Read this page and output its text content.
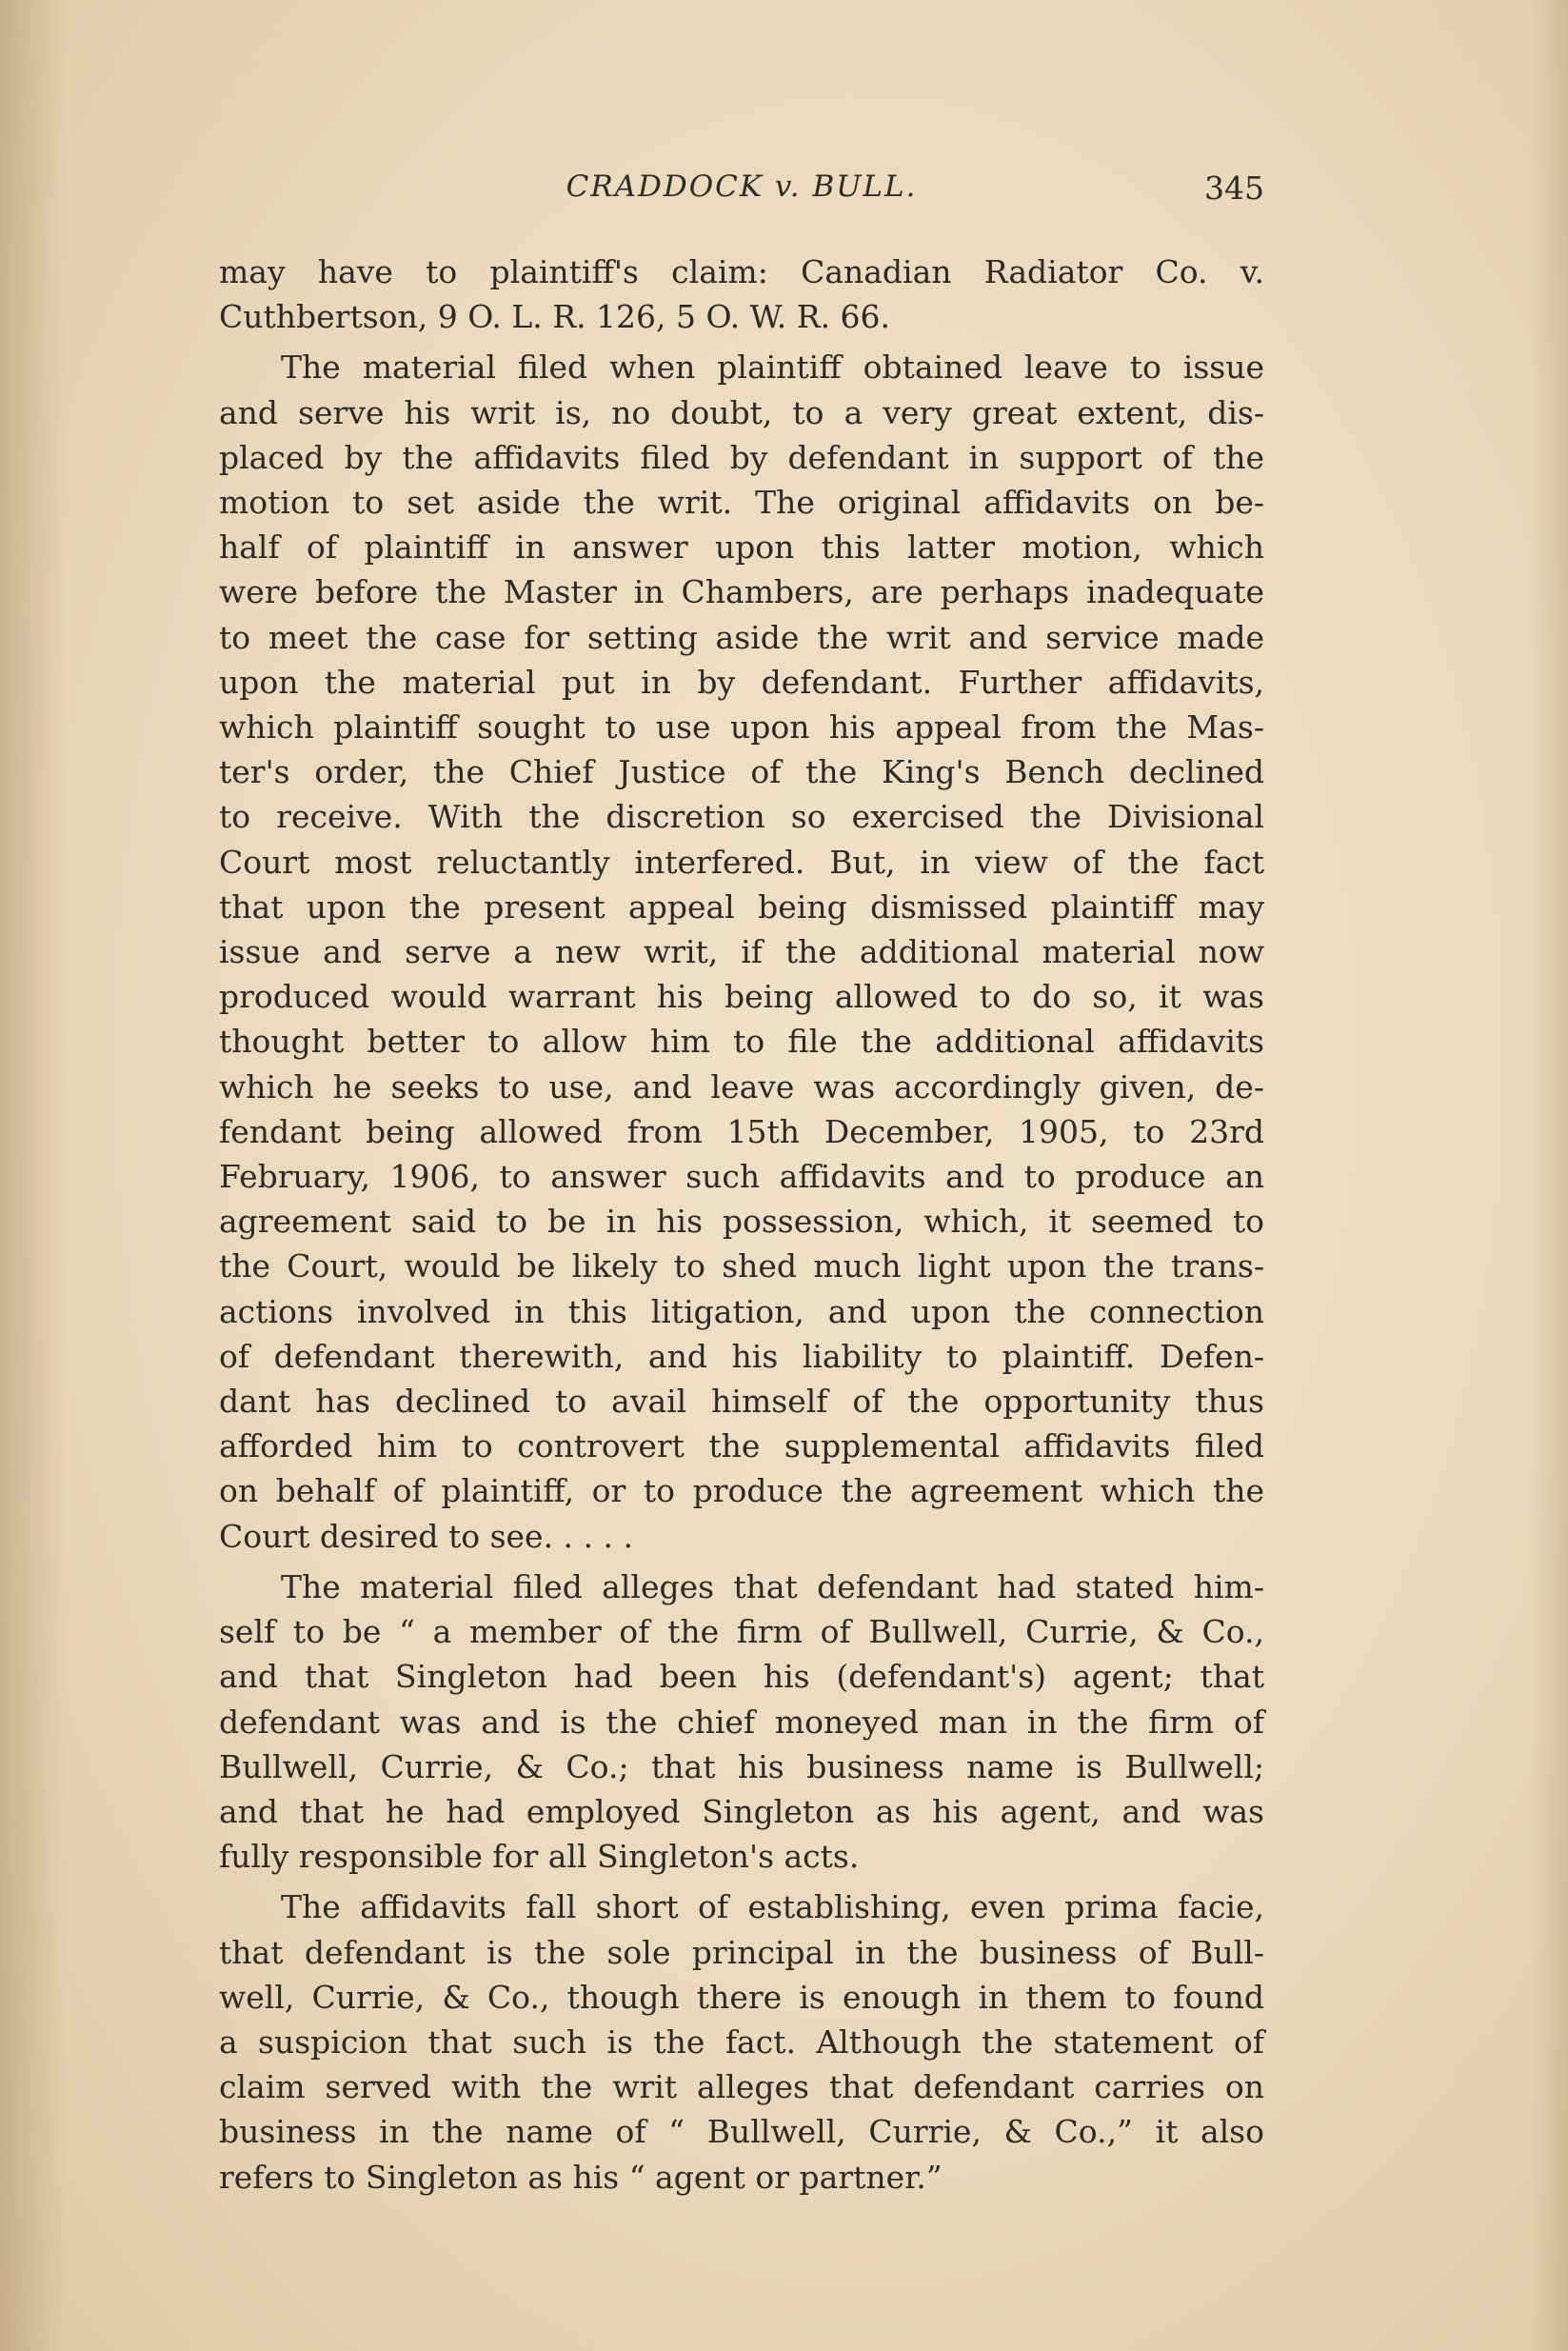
CRADDOCK v. BULL.	345
may have to plaintiff's claim: Canadian Radiator Co. v.
Cuthbertson, 9 O. L. R. 126, 5 O. W. R. 66.
The material filed when plaintiff obtained leave to issue
and serve his writ is, no doubt, to a very great extent, dis-
placed by the affidavits filed by defendant in support of the
motion to set aside the writ. The original affidavits on be-
half of plaintiff in answer upon this latter motion, which
were before the Master in Chambers, are perhaps inadequate
to meet the case for setting aside the writ and service made
upon the material put in by defendant. Further affidavits,
which plaintiff sought to use upon his appeal from the Mas-
ter's order, the Chief Justice of the King's Bench declined
to receive. With the discretion so exercised the Divisional
Court most reluctantly interfered. But, in view of the fact
that upon the present appeal being dismissed plaintiff may
issue and serve a new writ, if the additional material now
produced would warrant his being allowed to do so, it was
thought better to allow him to file the additional affidavits
which he seeks to use, and leave was accordingly given, de-
fendant being allowed from 15th December, 1905, to 23rd
February, 1906, to answer such affidavits and to produce an
agreement said to be in his possession, which, it seemed to
the Court, would be likely to shed much light upon the trans-
actions involved in this litigation, and upon the connection
of defendant therewith, and his liability to plaintiff. Defen-
dant has declined to avail himself of the opportunity thus
afforded him to controvert the supplemental affidavits filed
on behalf of plaintiff, or to produce the agreement which the
Court desired to see. . . . .
The material filed alleges that defendant had stated him-
self to be “ a member of the firm of Bullwell, Currie, & Co.,
and that Singleton had been his (defendant's) agent; that
defendant was and is the chief moneyed man in the firm of
Bullwell, Currie, & Co.; that his business name is Bullwell;
and that he had employed Singleton as his agent, and was
fully responsible for all Singleton's acts.
The affidavits fall short of establishing, even prima facie,
that defendant is the sole principal in the business of Bull-
well, Currie, & Co., though there is enough in them to found
a suspicion that such is the fact. Although the statement of
claim served with the writ alleges that defendant carries on
business in the name of “ Bullwell, Currie, & Co.,” it also
refers to Singleton as his “ agent or partner.”
